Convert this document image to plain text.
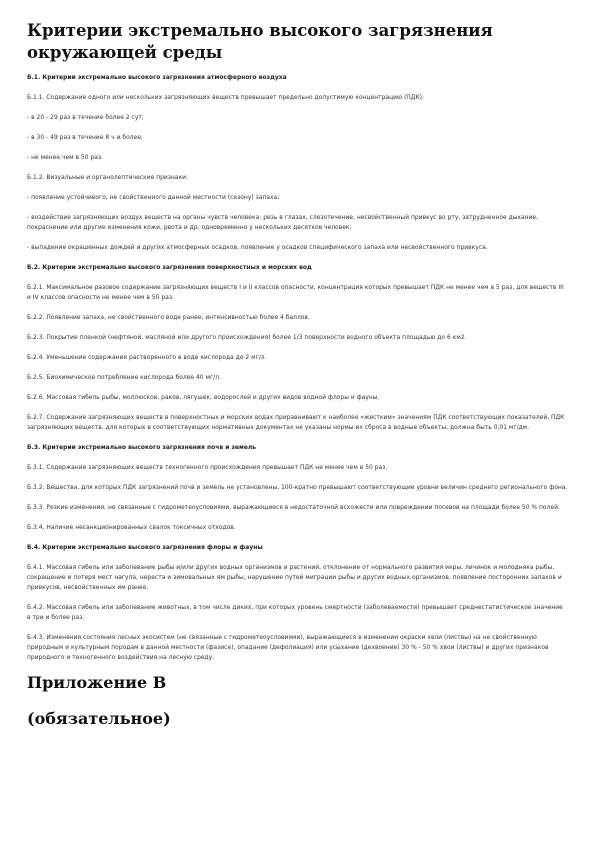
Критерии экстремально высокого загрязнения окружающей среды

Б.1. Критерии экстремально высокого загрязнения атмосферного воздуха

Б.1.1. Содержание одного или нескольких загрязняющих веществ превышает предельно допустимую концентрацию (ПДК):

- в 20 - 29 раз в течение более 2 сут;

- в 30 - 49 раз в течение 8 ч и более;

- не менее чем в 50 раз.

Б.1.2. Визуальные и органолептические признаки:

- появление устойчивого, не свойственного данной местности (сезону) запаха;

- воздействие загрязняющих воздух веществ на органы чувств человека: резь в глазах, слезотечение, несвойственный привкус во рту, затрудненное дыхание, покраснение или другие изменения кожи, рвота и др. одновременно у нескольких десятков человек;

- выпадение окрашенных дождей и других атмосферных осадков, появление у осадков специфического запаха или несвойственного привкуса.

Б.2. Критерии экстремально высокого загрязнения поверхностных и морских вод

Б.2.1. Максимальное разовое содержание загрязняющих веществ I и II классов опасности, концентрация которых превышает ПДК не менее чем в 5 раз, для веществ III и IV классов опасности не менее чем в 50 раз.

Б.2.2. Появление запаха, не свойственного воде ранее, интенсивностью более 4 баллов.

Б.2.3. Покрытие пленкой (нефтяной, масляной или другого происхождения) более 1/3 поверхности водного объекта площадью до 6 км2.

Б.2.4. Уменьшение содержания растворенного в воде кислорода до 2 мг/л.

Б.2.5. Биохимическое потребление кислорода более 40 мг/л.

Б.2.6. Массовая гибель рыбы, моллюсков, раков, лягушек, водорослей и других видов водной флоры и фауны.

Б.2.7. Содержание загрязняющих веществ в поверхностных и морских водах приравнивают к наиболее «жестким» значениям ПДК соответствующих показателей, ПДК загрязняющих веществ, для которых в соответствующих нормативных документах не указаны нормы их сброса в водные объекты, должна быть 0,01 мг/дм.

Б.3. Критерии экстремально высокого загрязнения почв и земель

Б.3.1. Содержание загрязняющих веществ техногенного происхождения превышает ПДК не менее чем в 50 раз.

Б.3.2. Вещества, для которых ПДК загрязнений почв и земель не установлены, 100-кратно превышают соответствующие уровни величин среднего регионального фона.

Б.3.3. Резкие изменения, не связанные с гидрометеоусловиями, выражающиеся в недостаточной всхожести или повреждении посевов на площади более 50 % полей.

Б.3.4. Наличие несанкционированных свалок токсичных отходов.

Б.4. Критерии экстремально высокого загрязнения флоры и фауны

Б.4.1. Массовая гибель или заболевание рыбы и/или других водных организмов и растений, отклонение от нормального развития икры, личинок и молодняка рыбы, сокращение и потеря мест нагула, нереста и зимовальных ям рыбы, нарушение путей миграции рыбы и других водных организмов, появление посторонних запахов и привкусов, несвойственных им ранее.

Б.4.2. Массовая гибель или заболевание животных, в том числе диких, при которых уровень смертности (заболеваемости) превышает среднестатистическое значение в три и более раз.

Б.4.3. Изменения состояния лесных экосистем (не связанные с гидрометеоусловиями), выражающиеся в изменении окраски хвои (листвы) на не свойственную природным и культурным породам в данной местности (фазисе), опадание (дефолиация) или усыхание (дехвоение) 30 % - 50 % хвои (листвы) и других признаков природного и техногенного воздействия на лесную среду.

Приложение В
(обязательное)
